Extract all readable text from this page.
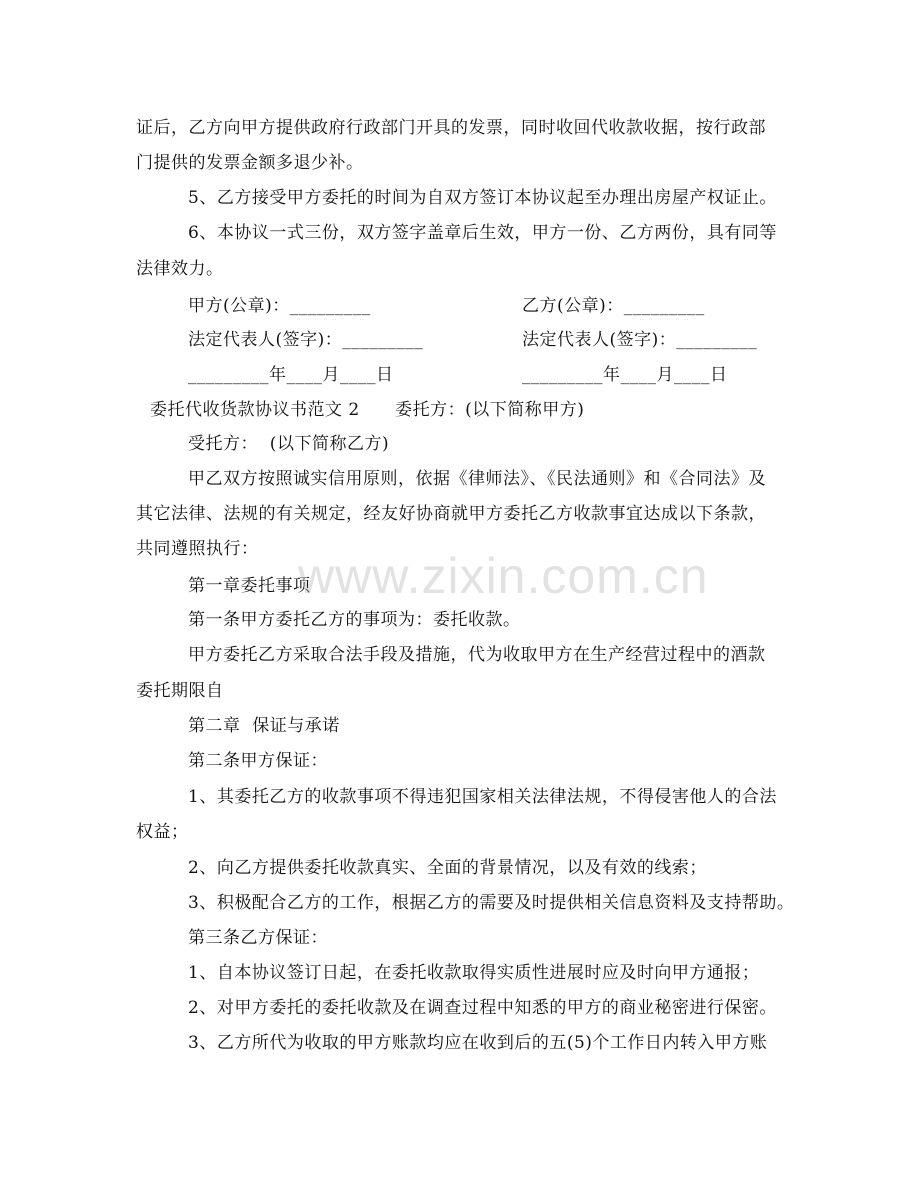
证后，乙方向甲方提供政府行政部门开具的发票，同时收回代收款收据，按行政部
门提供的发票金额多退少补。
5、乙方接受甲方委托的时间为自双方签订本协议起至办理出房屋产权证止。
6、本协议一式三份，双方签字盖章后生效，甲方一份、乙方两份，具有同等
法律效力。
甲方(公章)：_________	乙方(公章)：_________
法定代表人(签字)：_________	法定代表人(签字)：_________
_________年____月____日	_________年____月____日
委托代收货款协议书范文 2      委托方：(以下简称甲方)
受托方：  (以下简称乙方)
甲乙双方按照诚实信用原则，依据《律师法》、《民法通则》和《合同法》及
其它法律、法规的有关规定，经友好协商就甲方委托乙方收款事宜达成以下条款，
共同遵照执行：
第一章委托事项
第一条甲方委托乙方的事项为：委托收款。
甲方委托乙方采取合法手段及措施，代为收取甲方在生产经营过程中的酒款
委托期限自
第二章  保证与承诺
第二条甲方保证：
1、其委托乙方的收款事项不得违犯国家相关法律法规，不得侵害他人的合法
权益；
2、向乙方提供委托收款真实、全面的背景情况，以及有效的线索；
3、积极配合乙方的工作，根据乙方的需要及时提供相关信息资料及支持帮助。
第三条乙方保证：
1、自本协议签订日起，在委托收款取得实质性进展时应及时向甲方通报；
2、对甲方委托的委托收款及在调查过程中知悉的甲方的商业秘密进行保密。
3、乙方所代为收取的甲方账款均应在收到后的五(5)个工作日内转入甲方账
www.zixin.com.cn
